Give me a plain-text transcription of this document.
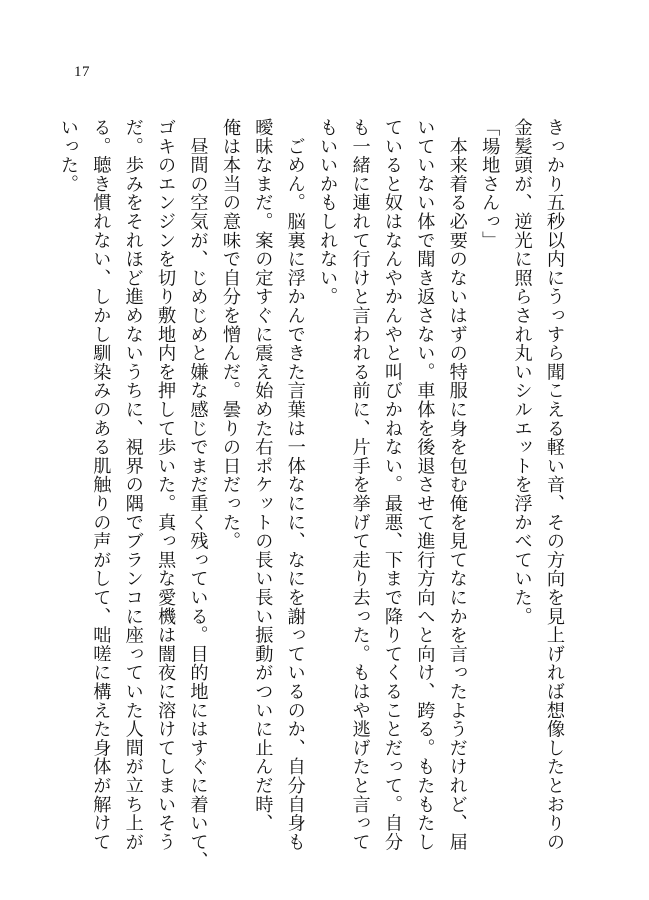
17
きっかり五秒以内にうっすら聞こえる軽い音、その方向を見上げれば想像したとおりの
金髪頭が、逆光に照らされ丸いシルエットを浮かべていた。
「場地さんっ」
　本来着る必要のないはずの特服に身を包む俺を見てなにかを言ったようだけれど、届
いていない体で聞き返さない。車体を後退させて進行方向へと向け、跨る。もたもたし
ていると奴はなんやかんやと叫びかねない。最悪、下まで降りてくることだって。自分
も一緒に連れて行けと言われる前に、片手を挙げて走り去った。もはや逃げたと言って
もいいかもしれない。
　ごめん。脳裏に浮かんできた言葉は一体なにに、なにを謝っているのか、自分自身も
曖昧なまだ。案の定すぐに震え始めた右ポケットの長い長い振動がついに止んだ時、
俺は本当の意味で自分を憎んだ。曇りの日だった。
　昼間の空気が、じめじめと嫌な感じでまだ重く残っている。目的地にはすぐに着いて、
ゴキのエンジンを切り敷地内を押して歩いた。真っ黒な愛機は闇夜に溶けてしまいそう
だ。歩みをそれほど進めないうちに、視界の隅でブランコに座っていた人間が立ち上が
る。聴き慣れない、しかし馴染みのある肌触りの声がして、咄嗟に構えた身体が解けて
いった。
